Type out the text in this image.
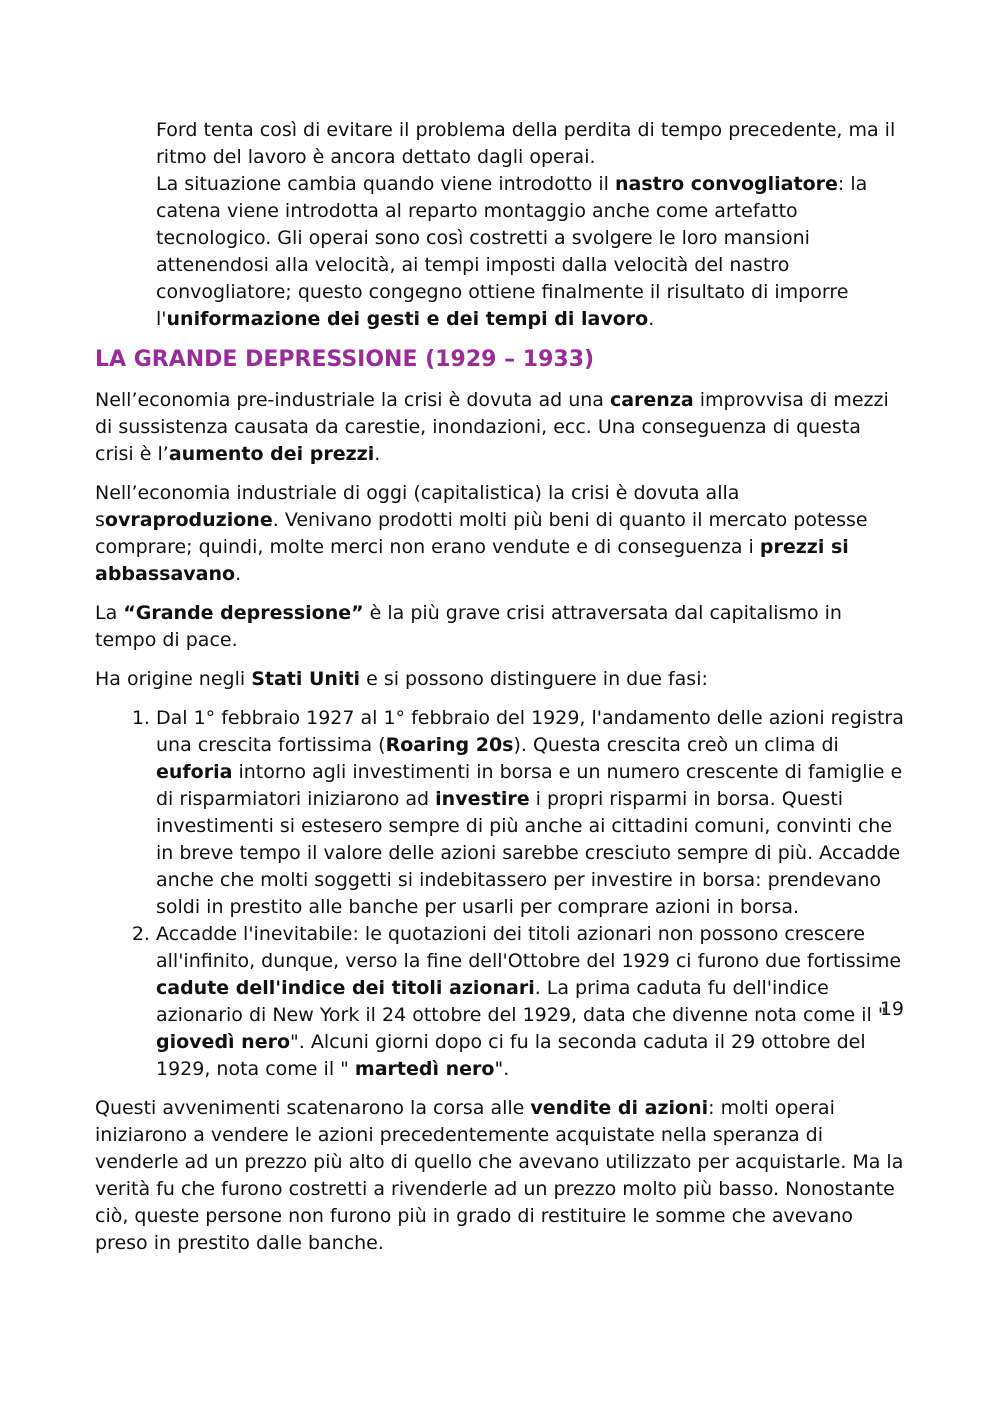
Ford tenta così di evitare il problema della perdita di tempo precedente, ma il ritmo del lavoro è ancora dettato dagli operai.

La situazione cambia quando viene introdotto il nastro convogliatore: la catena viene introdotta al reparto montaggio anche come artefatto tecnologico. Gli operai sono così costretti a svolgere le loro mansioni attenendosi alla velocità, ai tempi imposti dalla velocità del nastro convogliatore; questo congegno ottiene finalmente il risultato di imporre l'uniformazione dei gesti e dei tempi di lavoro.

LA GRANDE DEPRESSIONE (1929 – 1933)

Nell’economia pre-industriale la crisi è dovuta ad una carenza improvvisa di mezzi di sussistenza causata da carestie, inondazioni, ecc. Una conseguenza di questa crisi è l’aumento dei prezzi.

Nell’economia industriale di oggi (capitalistica) la crisi è dovuta alla sovraproduzione. Venivano prodotti molti più beni di quanto il mercato potesse comprare; quindi, molte merci non erano vendute e di conseguenza i prezzi si abbassavano.

La “Grande depressione” è la più grave crisi attraversata dal capitalismo in tempo di pace.

Ha origine negli Stati Uniti e si possono distinguere in due fasi:

1. Dal 1° febbraio 1927 al 1° febbraio del 1929, l'andamento delle azioni registra una crescita fortissima (Roaring 20s). Questa crescita creò un clima di euforia intorno agli investimenti in borsa e un numero crescente di famiglie e di risparmiatori iniziarono ad investire i propri risparmi in borsa. Questi investimenti si estesero sempre di più anche ai cittadini comuni, convinti che in breve tempo il valore delle azioni sarebbe cresciuto sempre di più. Accadde anche che molti soggetti si indebitassero per investire in borsa: prendevano soldi in prestito alle banche per usarli per comprare azioni in borsa.
2. Accadde l'inevitabile: le quotazioni dei titoli azionari non possono crescere all'infinito, dunque, verso la fine dell'Ottobre del 1929 ci furono due fortissime cadute dell'indice dei titoli azionari. La prima caduta fu dell'indice azionario di New York il 24 ottobre del 1929, data che divenne nota come il " giovedì nero". Alcuni giorni dopo ci fu la seconda caduta il 29 ottobre del 1929, nota come il " martedì nero".

Questi avvenimenti scatenarono la corsa alle vendite di azioni: molti operai iniziarono a vendere le azioni precedentemente acquistate nella speranza di venderle ad un prezzo più alto di quello che avevano utilizzato per acquistarle. Ma la verità fu che furono costretti a rivenderle ad un prezzo molto più basso. Nonostante ciò, queste persone non furono più in grado di restituire le somme che avevano preso in prestito dalle banche.

19
